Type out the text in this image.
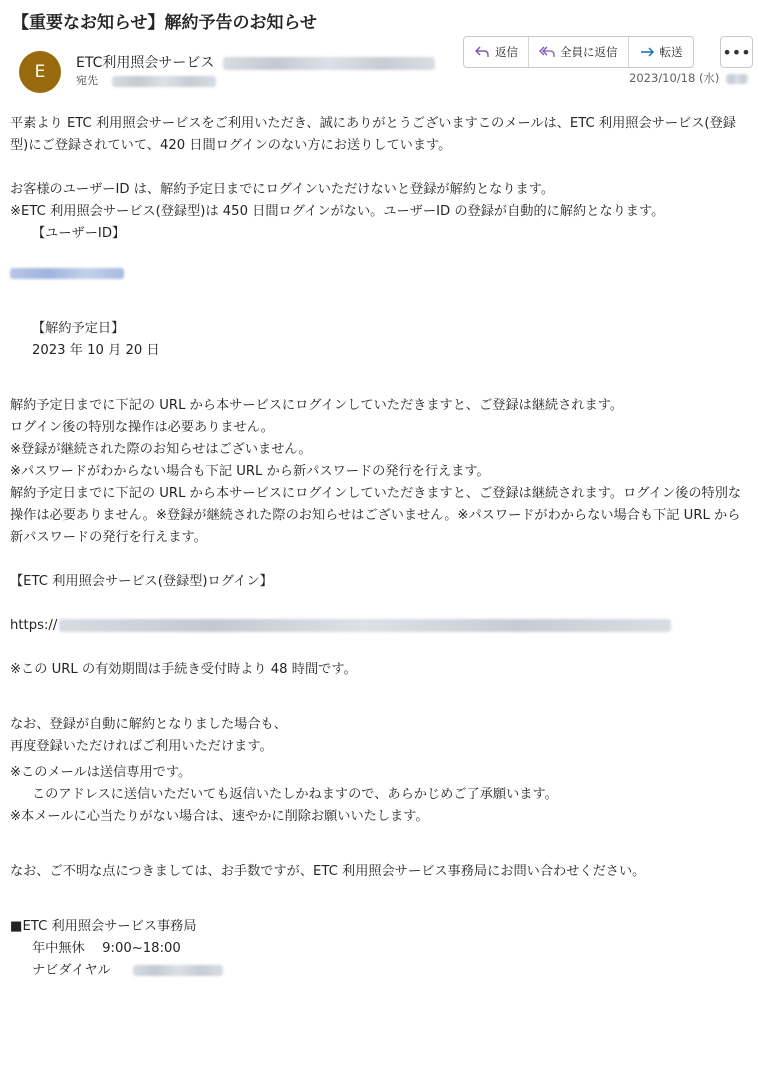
【重要なお知らせ】解約予告のお知らせ
E ETC利用照会サービス
宛先
返信	全員に返信	転送 •••
2023/10/18 (水)

平素より ETC 利用照会サービスをご利用いただき、誠にありがとうございますこのメールは、ETC 利用照会サービス(登録型)にご登録されていて、420 日間ログインのない方にお送りしています。

お客様のユーザーID は、解約予定日までにログインいただけないと登録が解約となります。

※ETC 利用照会サービス(登録型)は 450 日間ログインがない。ユーザーID の登録が自動的に解約となります。

【ユーザーID】

【解約予定日】

2023 年 10 月 20 日

解約予定日までに下記の URL から本サービスにログインしていただきますと、ご登録は継続されます。

ログイン後の特別な操作は必要ありません。

※登録が継続された際のお知らせはございません。

※パスワードがわからない場合も下記 URL から新パスワードの発行を行えます。

解約予定日までに下記の URL から本サービスにログインしていただきますと、ご登録は継続されます。ログイン後の特別な操作は必要ありません。※登録が継続された際のお知らせはございません。※パスワードがわからない場合も下記 URL から新パスワードの発行を行えます。

【ETC 利用照会サービス(登録型)ログイン】

https://

※この URL の有効期間は手続き受付時より 48 時間です。

なお、登録が自動に解約となりました場合も、

再度登録いただければご利用いただけます。

※このメールは送信専用です。

このアドレスに送信いただいても返信いたしかねますので、あらかじめご了承願います。

※本メールに心当たりがない場合は、速やかに削除お願いいたします。

なお、ご不明な点につきましては、お手数ですが、ETC 利用照会サービス事務局にお問い合わせください。

■ETC 利用照会サービス事務局

年中無休　 9:00~18:00

ナビダイヤル
